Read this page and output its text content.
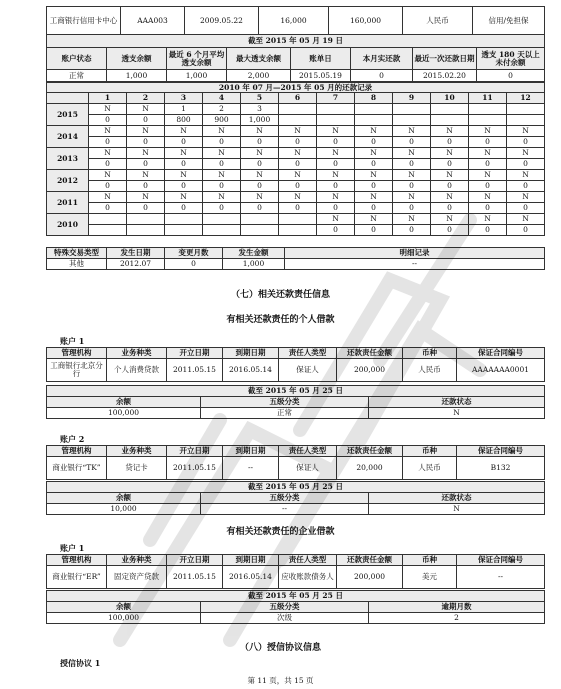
工商银行信用卡中心	AAA003	2009.05.22	16,000	160,000	人民币	信用/免担保
截至 2015 年 05 月 19 日							
账户状态	透支余额	最近 6 个月平均透支余额	最大透支余额	账单日	本月实还款	最近一次还款日期	透支 180 天以上未付余额
正常	1,000	1,000	2,000	2015.05.19	0	2015.02.20	0
2010 年 07 月—2015 年 05 月的还款记录												
	1	2	3	4	5	6	7	8	9	10	11	12
2015	N	N	1	2	3							
	0	0	800	900	1,000							
2014	N	N	N	N	N	N	N	N	N	N	N	N
	0	0	0	0	0	0	0	0	0	0	0	0
2013	N	N	N	N	N	N	N	N	N	N	N	N
	0	0	0	0	0	0	0	0	0	0	0	0
2012	N	N	N	N	N	N	N	N	N	N	N	N
	0	0	0	0	0	0	0	0	0	0	0	0
2011	N	N	N	N	N	N	N	N	N	N	N	N
	0	0	0	0	0	0	0	0	0	0	0	0
2010							N	N	N	N	N	N
							0	0	0	0	0	0
特殊交易类型	发生日期	变更月数	发生金额	明细记录
其他	2012.07	0	1,000	--
（七）相关还款责任信息
有相关还款责任的个人借款
账户 1
管理机构	业务种类	开立日期	到期日期	责任人类型	还款责任金额	币种	保证合同编号
工商银行北京分行	个人消费贷款	2011.05.15	2016.05.14	保证人	200,000	人民币	AAAAAAA0001
截至 2015 年 05 月 25 日		
余额	五级分类	还款状态
100,000	正常	N
账户 2
管理机构	业务种类	开立日期	到期日期	责任人类型	还款责任金额	币种	保证合同编号
商业银行“TK”	贷记卡	2011.05.15	--	保证人	20,000	人民币	B132
截至 2015 年 05 月 25 日		
余额	五级分类	还款状态
10,000	--	N
有相关还款责任的企业借款
账户 1
管理机构	业务种类	开立日期	到期日期	责任人类型	还款责任金额	币种	保证合同编号
商业银行“ER”	固定资产贷款	2011.05.15	2016.05.14	应收账款债务人	200,000	美元	--
截至 2015 年 05 月 25 日		
余额	五级分类	逾期月数
100,000	次级	2
（八）授信协议信息
授信协议 1
第 11 页，共 15 页
